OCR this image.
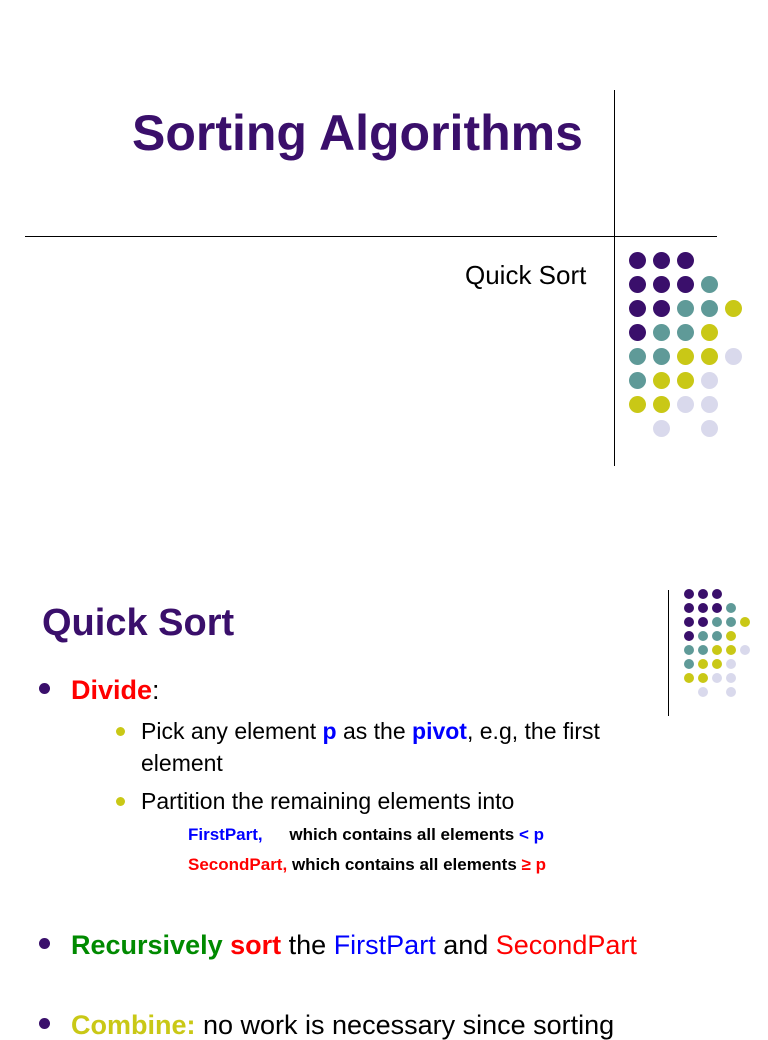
Sorting Algorithms
Quick Sort
Quick Sort
Divide:
Pick any element p as the pivot, e.g, the first
element
Partition the remaining elements into
FirstPart, which contains all elements < p
SecondPart, which contains all elements ≥ p
Recursively sort the FirstPart and SecondPart
Combine: no work is necessary since sorting
